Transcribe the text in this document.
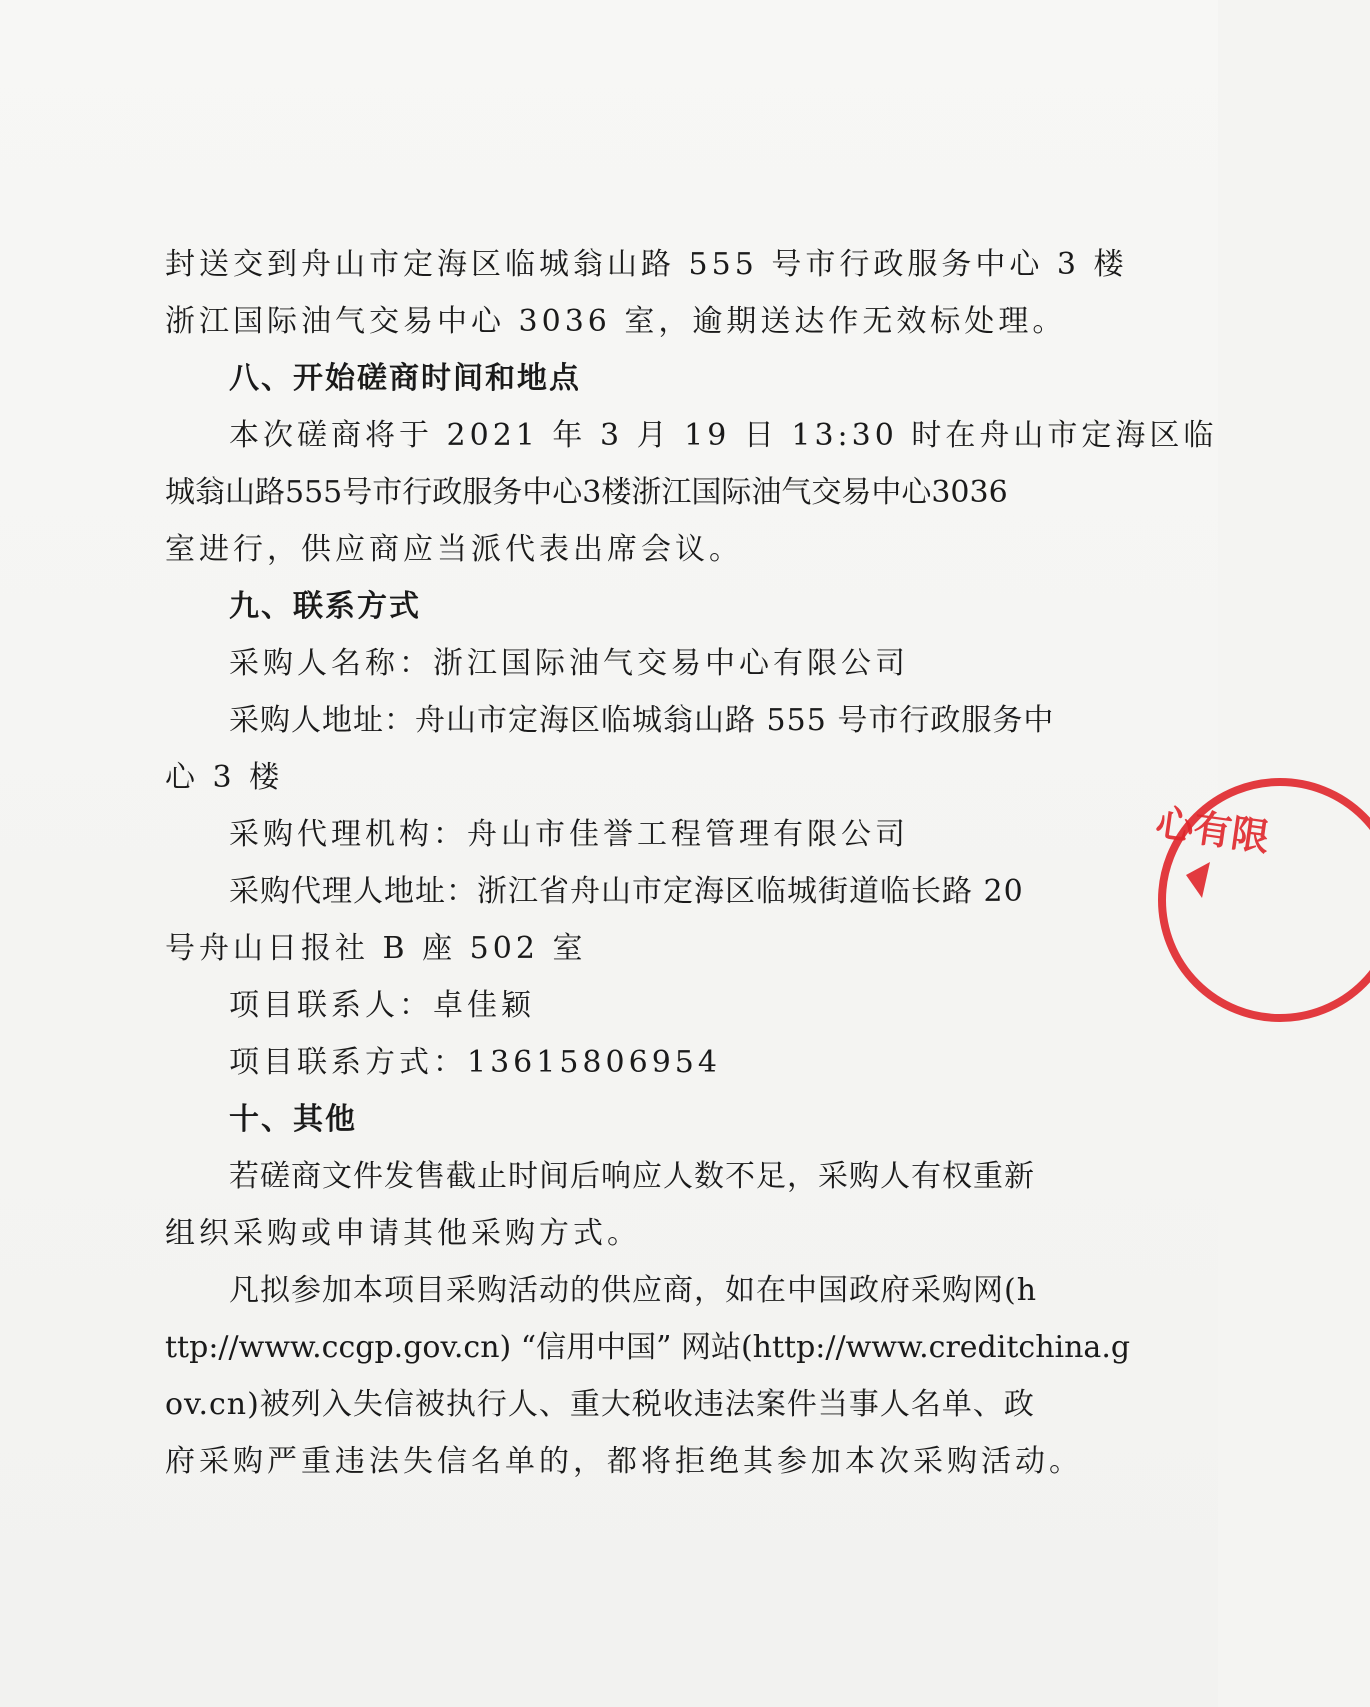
封送交到舟山市定海区临城翁山路 555 号市行政服务中心 3 楼
浙江国际油气交易中心 3036 室，逾期送达作无效标处理。
八、开始磋商时间和地点
本次磋商将于 2021 年 3 月 19 日 13:30 时在舟山市定海区临
城翁山路555号市行政服务中心3楼浙江国际油气交易中心3036
室进行，供应商应当派代表出席会议。
九、联系方式
采购人名称：浙江国际油气交易中心有限公司
采购人地址：舟山市定海区临城翁山路 555 号市行政服务中
心 3 楼
采购代理机构：舟山市佳誉工程管理有限公司
采购代理人地址：浙江省舟山市定海区临城街道临长路 20
号舟山日报社 B 座 502 室
项目联系人：卓佳颖
项目联系方式：13615806954
十、其他
若磋商文件发售截止时间后响应人数不足，采购人有权重新
组织采购或申请其他采购方式。
凡拟参加本项目采购活动的供应商，如在中国政府采购网(h
ttp://www.ccgp.gov.cn) “信用中国” 网站(http://www.creditchina.g
ov.cn)被列入失信被执行人、重大税收违法案件当事人名单、政
府采购严重违法失信名单的，都将拒绝其参加本次采购活动。
心有限
